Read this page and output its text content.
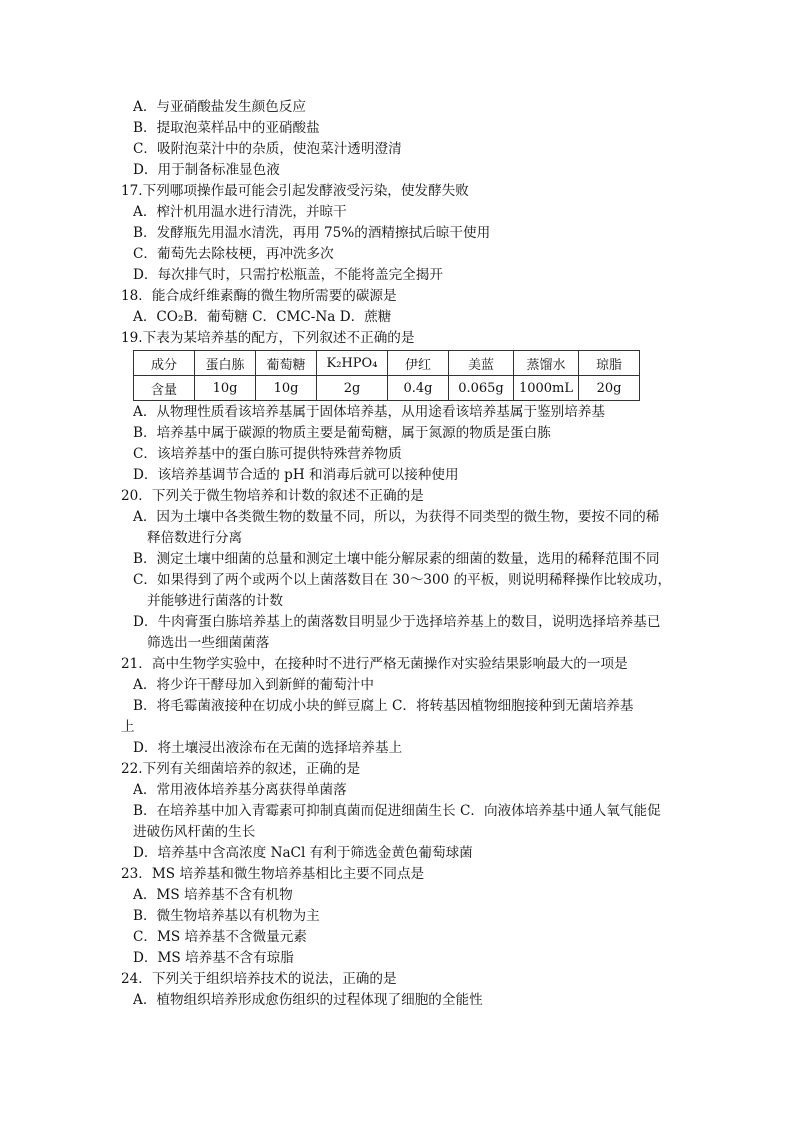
A．与亚硝酸盐发生颜色反应
B．提取泡菜样品中的亚硝酸盐
C．吸附泡菜汁中的杂质，使泡菜汁透明澄清
D．用于制备标准显色液
17.下列哪项操作最可能会引起发酵液受污染，使发酵失败
A．榨汁机用温水进行清洗，并晾干
B．发酵瓶先用温水清洗，再用 75%的酒精擦拭后晾干使用
C．葡萄先去除枝梗，再冲洗多次
D．每次排气时，只需拧松瓶盖，不能将盖完全揭开
18．能合成纤维素酶的微生物所需要的碳源是
A．CO₂B．葡萄糖 C．CMC-Na D．蔗糖
19.下表为某培养基的配方，下列叙述不正确的是
成分	蛋白胨	葡萄糖	K₂HPO₄	伊红	美蓝	蒸馏水	琼脂
含量	10g	10g	2g	0.4g	0.065g	1000mL	20g
A．从物理性质看该培养基属于固体培养基，从用途看该培养基属于鉴别培养基
B．培养基中属于碳源的物质主要是葡萄糖，属于氮源的物质是蛋白胨
C．该培养基中的蛋白胨可提供特殊营养物质
D．该培养基调节合适的 pH 和消毒后就可以接种使用
20．下列关于微生物培养和计数的叙述不正确的是
A．因为土壤中各类微生物的数量不同，所以，为获得不同类型的微生物，要按不同的稀
释倍数进行分离
B．测定土壤中细菌的总量和测定土壤中能分解尿素的细菌的数量，选用的稀释范围不同
C．如果得到了两个或两个以上菌落数目在 30～300 的平板，则说明稀释操作比较成功，
并能够进行菌落的计数
D．牛肉膏蛋白胨培养基上的菌落数目明显少于选择培养基上的数目，说明选择培养基已
筛选出一些细菌菌落
21．高中生物学实验中，在接种时不进行严格无菌操作对实验结果影响最大的一项是
A．将少许干酵母加入到新鲜的葡萄汁中
B．将毛霉菌液接种在切成小块的鲜豆腐上 C．将转基因植物细胞接种到无菌培养基
上
D．将土壤浸出液涂布在无菌的选择培养基上
22.下列有关细菌培养的叙述，正确的是
A．常用液体培养基分离获得单菌落
B．在培养基中加入青霉素可抑制真菌而促进细菌生长 C．向液体培养基中通人氧气能促
进破伤风杆菌的生长
D．培养基中含高浓度 NaCl 有利于筛选金黄色葡萄球菌
23．MS 培养基和微生物培养基相比主要不同点是
A．MS 培养基不含有机物
B．微生物培养基以有机物为主
C．MS 培养基不含微量元素
D．MS 培养基不含有琼脂
24．下列关于组织培养技术的说法，正确的是
A．植物组织培养形成愈伤组织的过程体现了细胞的全能性
